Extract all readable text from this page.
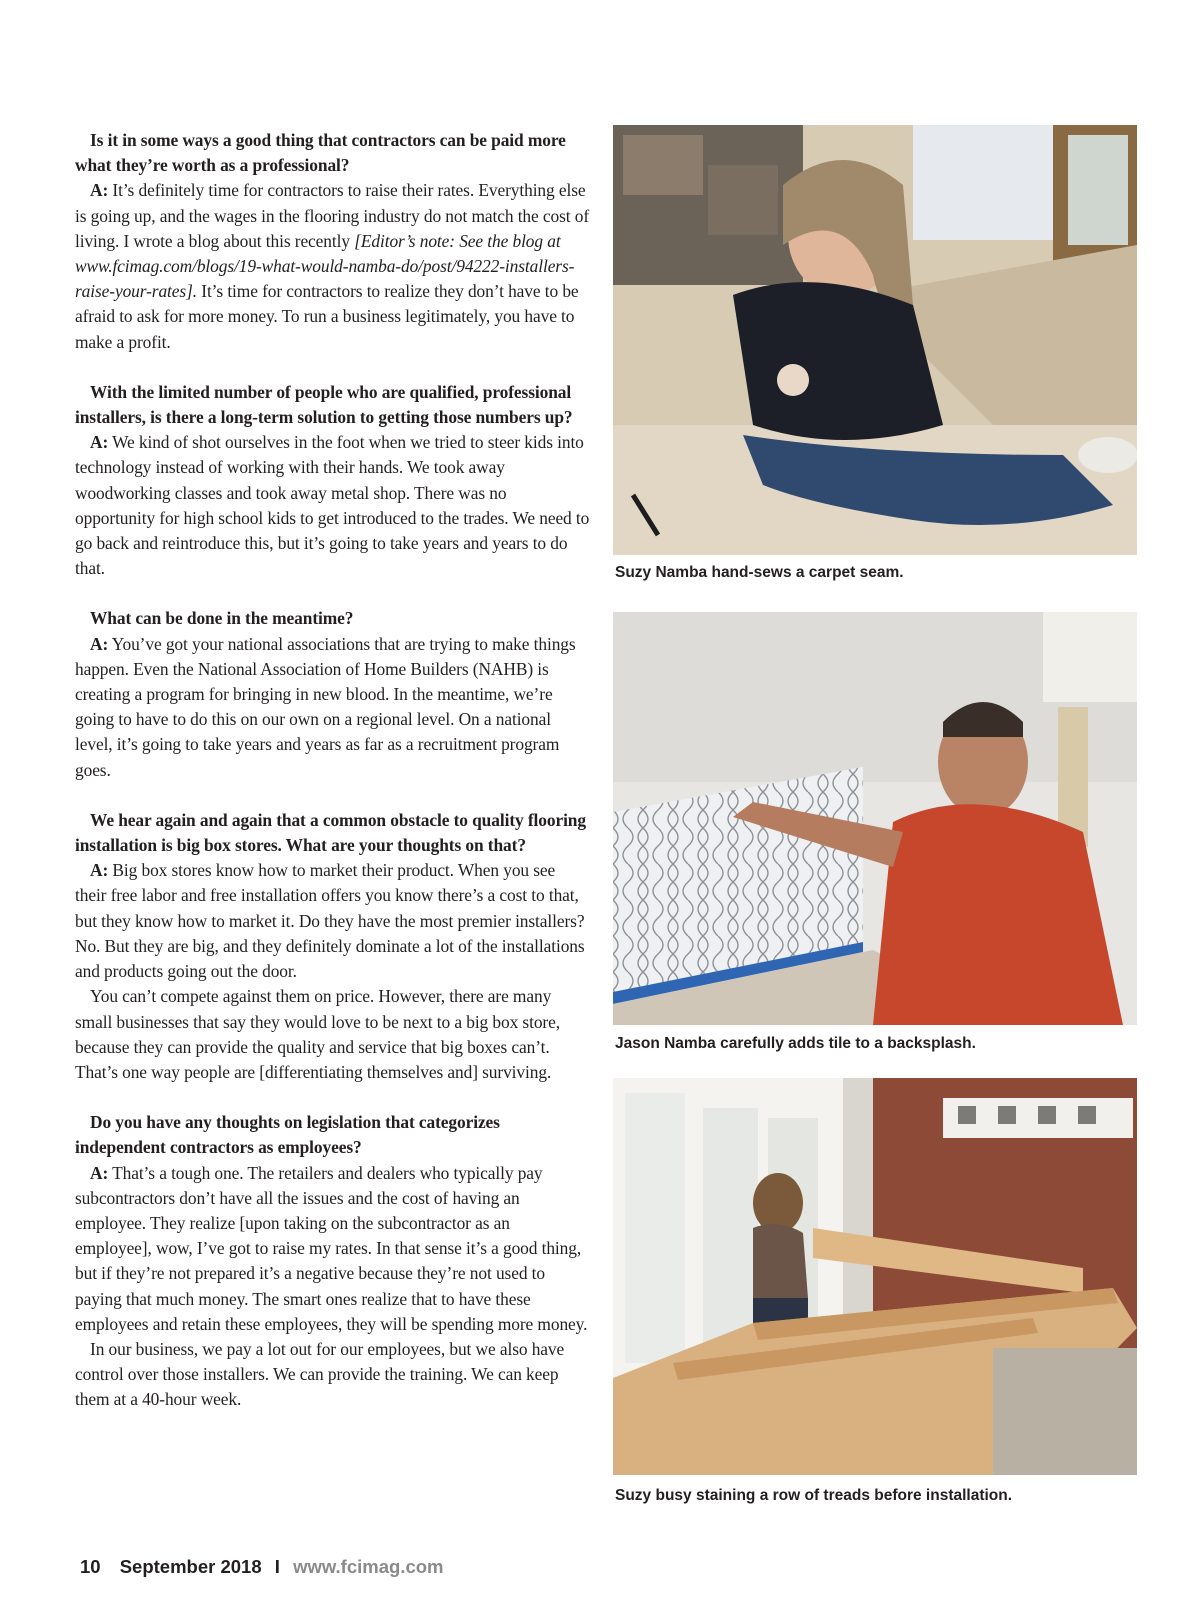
Is it in some ways a good thing that contractors can be paid more what they’re worth as a professional?

A: It’s definitely time for contractors to raise their rates. Everything else is going up, and the wages in the flooring industry do not match the cost of living. I wrote a blog about this recently [Editor’s note: See the blog at www.fcimag.com/blogs/19-what-would-namba-do/post/94222-installers-raise-your-rates]. It’s time for contractors to realize they don’t have to be afraid to ask for more money. To run a business legitimately, you have to make a profit.

With the limited number of people who are qualified, professional installers, is there a long-term solution to getting those numbers up?

A: We kind of shot ourselves in the foot when we tried to steer kids into technology instead of working with their hands. We took away woodworking classes and took away metal shop. There was no opportunity for high school kids to get introduced to the trades. We need to go back and reintroduce this, but it’s going to take years and years to do that.

What can be done in the meantime?

A: You’ve got your national associations that are trying to make things happen. Even the National Association of Home Builders (NAHB) is creating a program for bringing in new blood. In the meantime, we’re going to have to do this on our own on a regional level. On a national level, it’s going to take years and years as far as a recruitment program goes.

We hear again and again that a common obstacle to quality flooring installation is big box stores. What are your thoughts on that?

A: Big box stores know how to market their product. When you see their free labor and free installation offers you know there’s a cost to that, but they know how to market it. Do they have the most premier installers? No. But they are big, and they definitely dominate a lot of the installations and products going out the door.

You can’t compete against them on price. However, there are many small businesses that say they would love to be next to a big box store, because they can provide the quality and service that big boxes can’t. That’s one way people are [differentiating themselves and] surviving.

Do you have any thoughts on legislation that categorizes independent contractors as employees?

A: That’s a tough one. The retailers and dealers who typically pay subcontractors don’t have all the issues and the cost of having an employee. They realize [upon taking on the subcontractor as an employee], wow, I’ve got to raise my rates. In that sense it’s a good thing, but if they’re not prepared it’s a negative because they’re not used to paying that much money. The smart ones realize that to have these employees and retain these employees, they will be spending more money.

In our business, we pay a lot out for our employees, but we also have control over those installers. We can provide the training. We can keep them at a 40-hour week.

Suzy Namba hand-sews a carpet seam.
Jason Namba carefully adds tile to a backsplash.
Suzy busy staining a row of treads before installation.
10 September 2018 I www.fcimag.com
